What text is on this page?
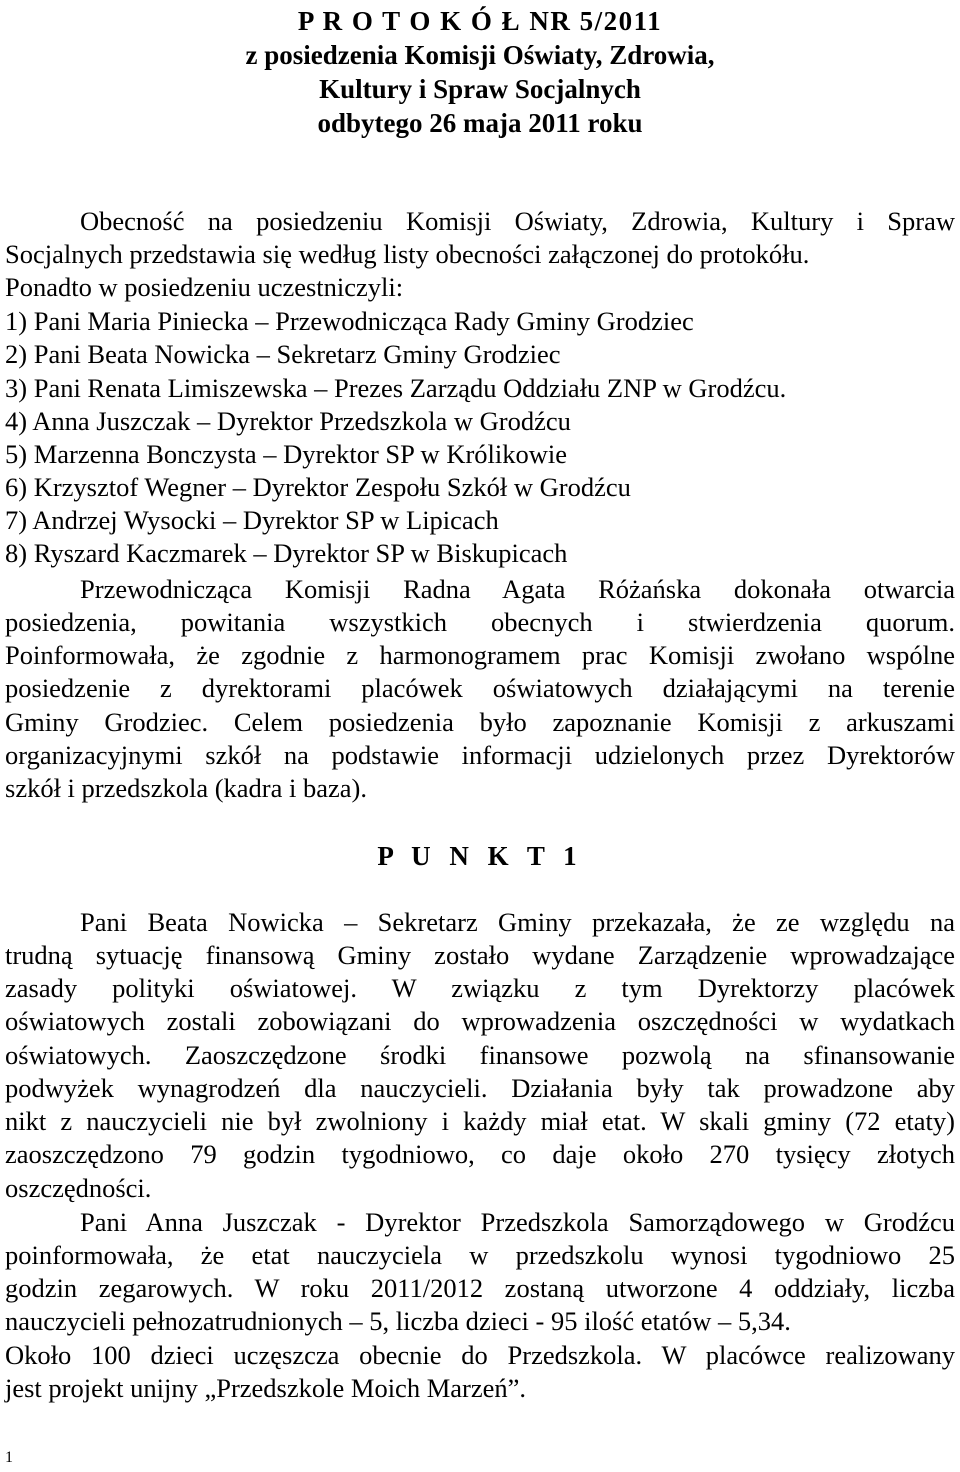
P R O T O K Ó Ł NR 5/2011
z posiedzenia Komisji Oświaty, Zdrowia,
Kultury i Spraw Socjalnych
odbytego 26 maja 2011 roku
Obecność na posiedzeniu Komisji Oświaty, Zdrowia, Kultury i Spraw
Socjalnych przedstawia się według listy obecności załączonej do protokółu.
Ponadto w posiedzeniu uczestniczyli:
1) Pani Maria Piniecka – Przewodnicząca Rady Gminy Grodziec
2) Pani Beata Nowicka – Sekretarz Gminy Grodziec
3) Pani Renata Limiszewska – Prezes Zarządu Oddziału ZNP w Grodźcu.
4) Anna Juszczak – Dyrektor Przedszkola w Grodźcu
5) Marzenna Bonczysta – Dyrektor SP w Królikowie
6) Krzysztof Wegner – Dyrektor Zespołu Szkół w Grodźcu
7) Andrzej Wysocki – Dyrektor SP w Lipicach
8) Ryszard Kaczmarek – Dyrektor SP w Biskupicach
Przewodnicząca Komisji Radna Agata Różańska dokonała otwarcia
posiedzenia, powitania wszystkich obecnych i stwierdzenia quorum.
Poinformowała, że zgodnie z harmonogramem prac Komisji zwołano wspólne
posiedzenie z dyrektorami placówek oświatowych działającymi na terenie
Gminy Grodziec. Celem posiedzenia było zapoznanie Komisji z arkuszami
organizacyjnymi szkół na podstawie informacji udzielonych przez Dyrektorów
szkół i przedszkola (kadra i baza).
P U N K T 1
Pani Beata Nowicka – Sekretarz Gminy przekazała, że ze względu na
trudną sytuację finansową Gminy zostało wydane Zarządzenie wprowadzające
zasady polityki oświatowej. W związku z tym Dyrektorzy placówek
oświatowych zostali zobowiązani do wprowadzenia oszczędności w wydatkach
oświatowych. Zaoszczędzone środki finansowe pozwolą na sfinansowanie
podwyżek wynagrodzeń dla nauczycieli. Działania były tak prowadzone aby
nikt z nauczycieli nie był zwolniony i każdy miał etat. W skali gminy (72 etaty)
zaoszczędzono 79 godzin tygodniowo, co daje około 270 tysięcy złotych
oszczędności.
Pani Anna Juszczak - Dyrektor Przedszkola Samorządowego w Grodźcu
poinformowała, że etat nauczyciela w przedszkolu wynosi tygodniowo 25
godzin zegarowych. W roku 2011/2012 zostaną utworzone 4 oddziały, liczba
nauczycieli pełnozatrudnionych – 5, liczba dzieci - 95 ilość etatów – 5,34.
Około 100 dzieci uczęszcza obecnie do Przedszkola. W placówce realizowany
jest projekt unijny „Przedszkole Moich Marzeń”.
1
